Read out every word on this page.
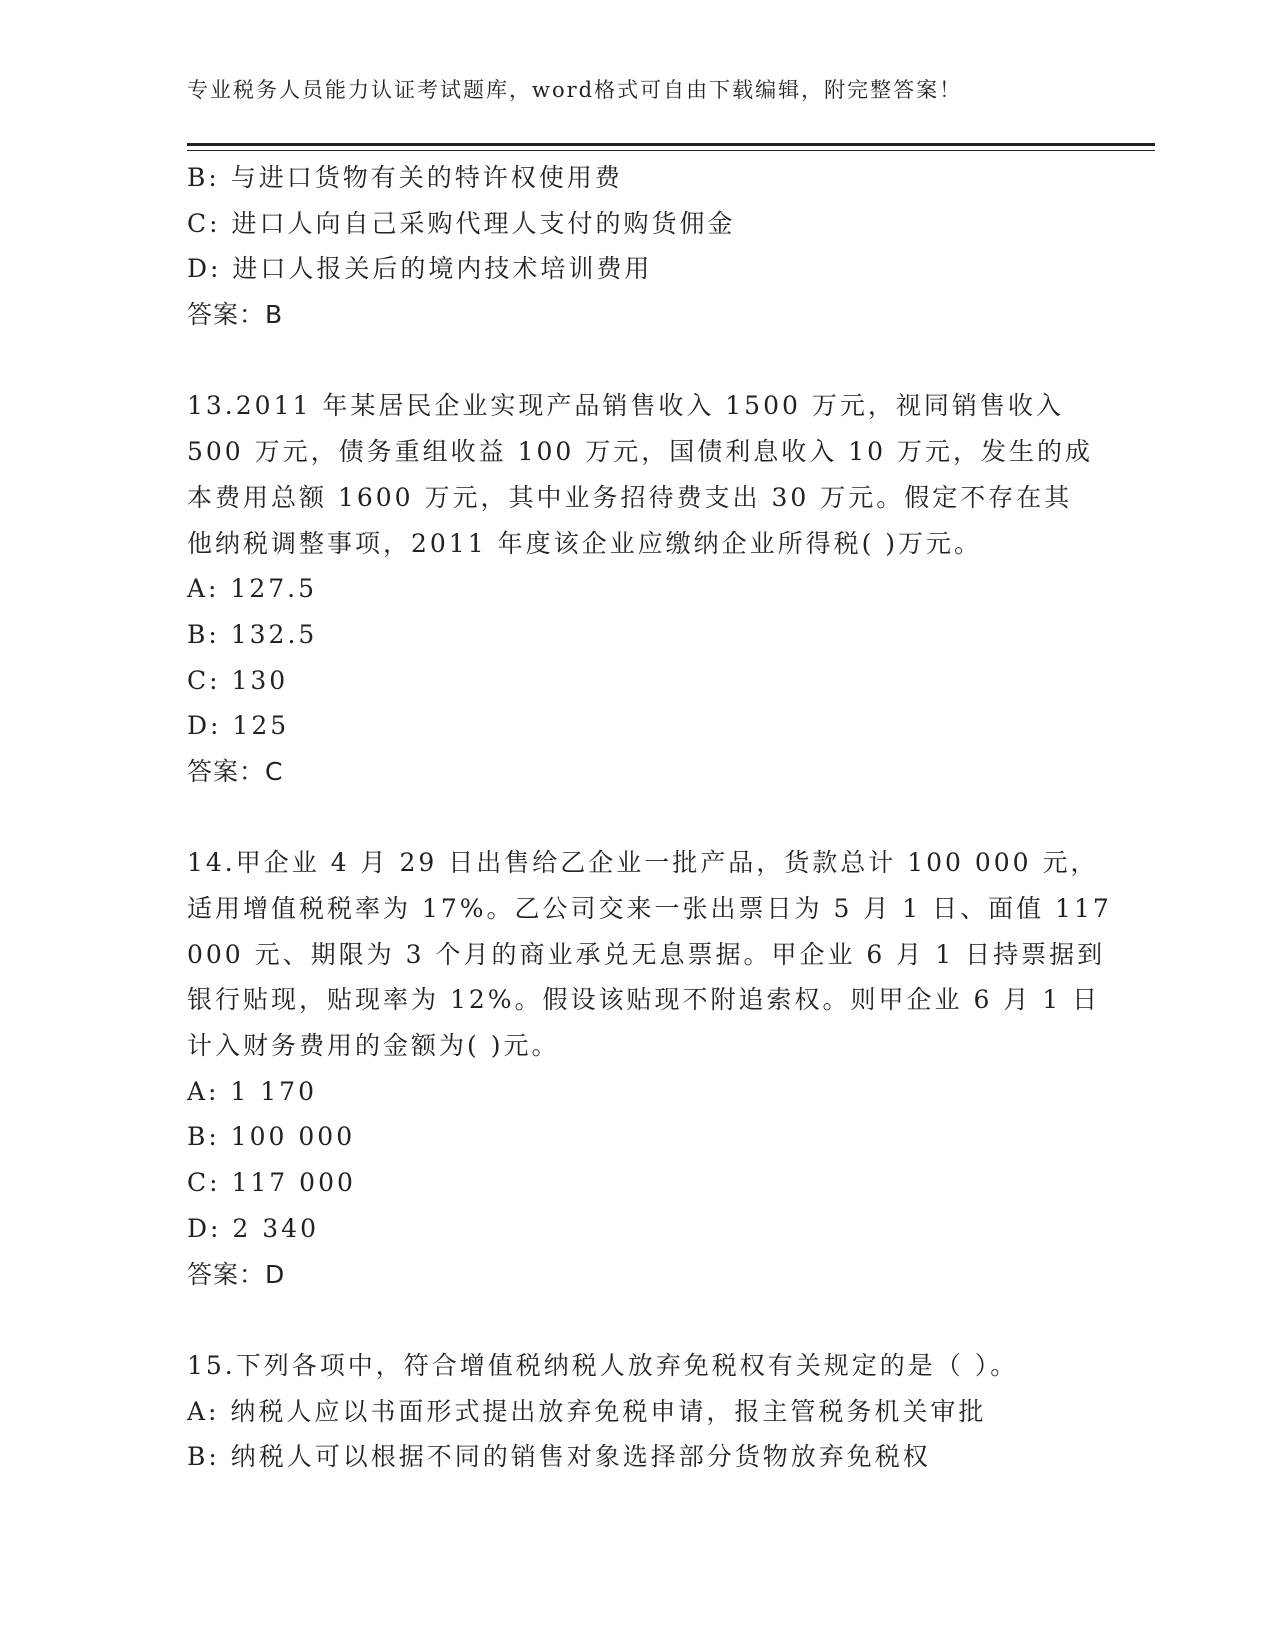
专业税务人员能力认证考试题库，word格式可自由下载编辑，附完整答案！
B: 与进口货物有关的特许权使用费
C: 进口人向自己采购代理人支付的购货佣金
D: 进口人报关后的境内技术培训费用
答案：B
13.2011 年某居民企业实现产品销售收入 1500 万元，视同销售收入
500 万元，债务重组收益 100 万元，国债利息收入 10 万元，发生的成
本费用总额 1600 万元，其中业务招待费支出 30 万元。假定不存在其
他纳税调整事项，2011 年度该企业应缴纳企业所得税( )万元。
A: 127.5
B: 132.5
C: 130
D: 125
答案：C
14.甲企业 4 月 29 日出售给乙企业一批产品，货款总计 100 000 元，
适用增值税税率为 17%。乙公司交来一张出票日为 5 月 1 日、面值 117
000 元、期限为 3 个月的商业承兑无息票据。甲企业 6 月 1 日持票据到
银行贴现，贴现率为 12%。假设该贴现不附追索权。则甲企业 6 月 1 日
计入财务费用的金额为( )元。
A: 1 170
B: 100 000
C: 117 000
D: 2 340
答案：D
15.下列各项中，符合增值税纳税人放弃免税权有关规定的是（ ）。
A: 纳税人应以书面形式提出放弃免税申请，报主管税务机关审批
B: 纳税人可以根据不同的销售对象选择部分货物放弃免税权
